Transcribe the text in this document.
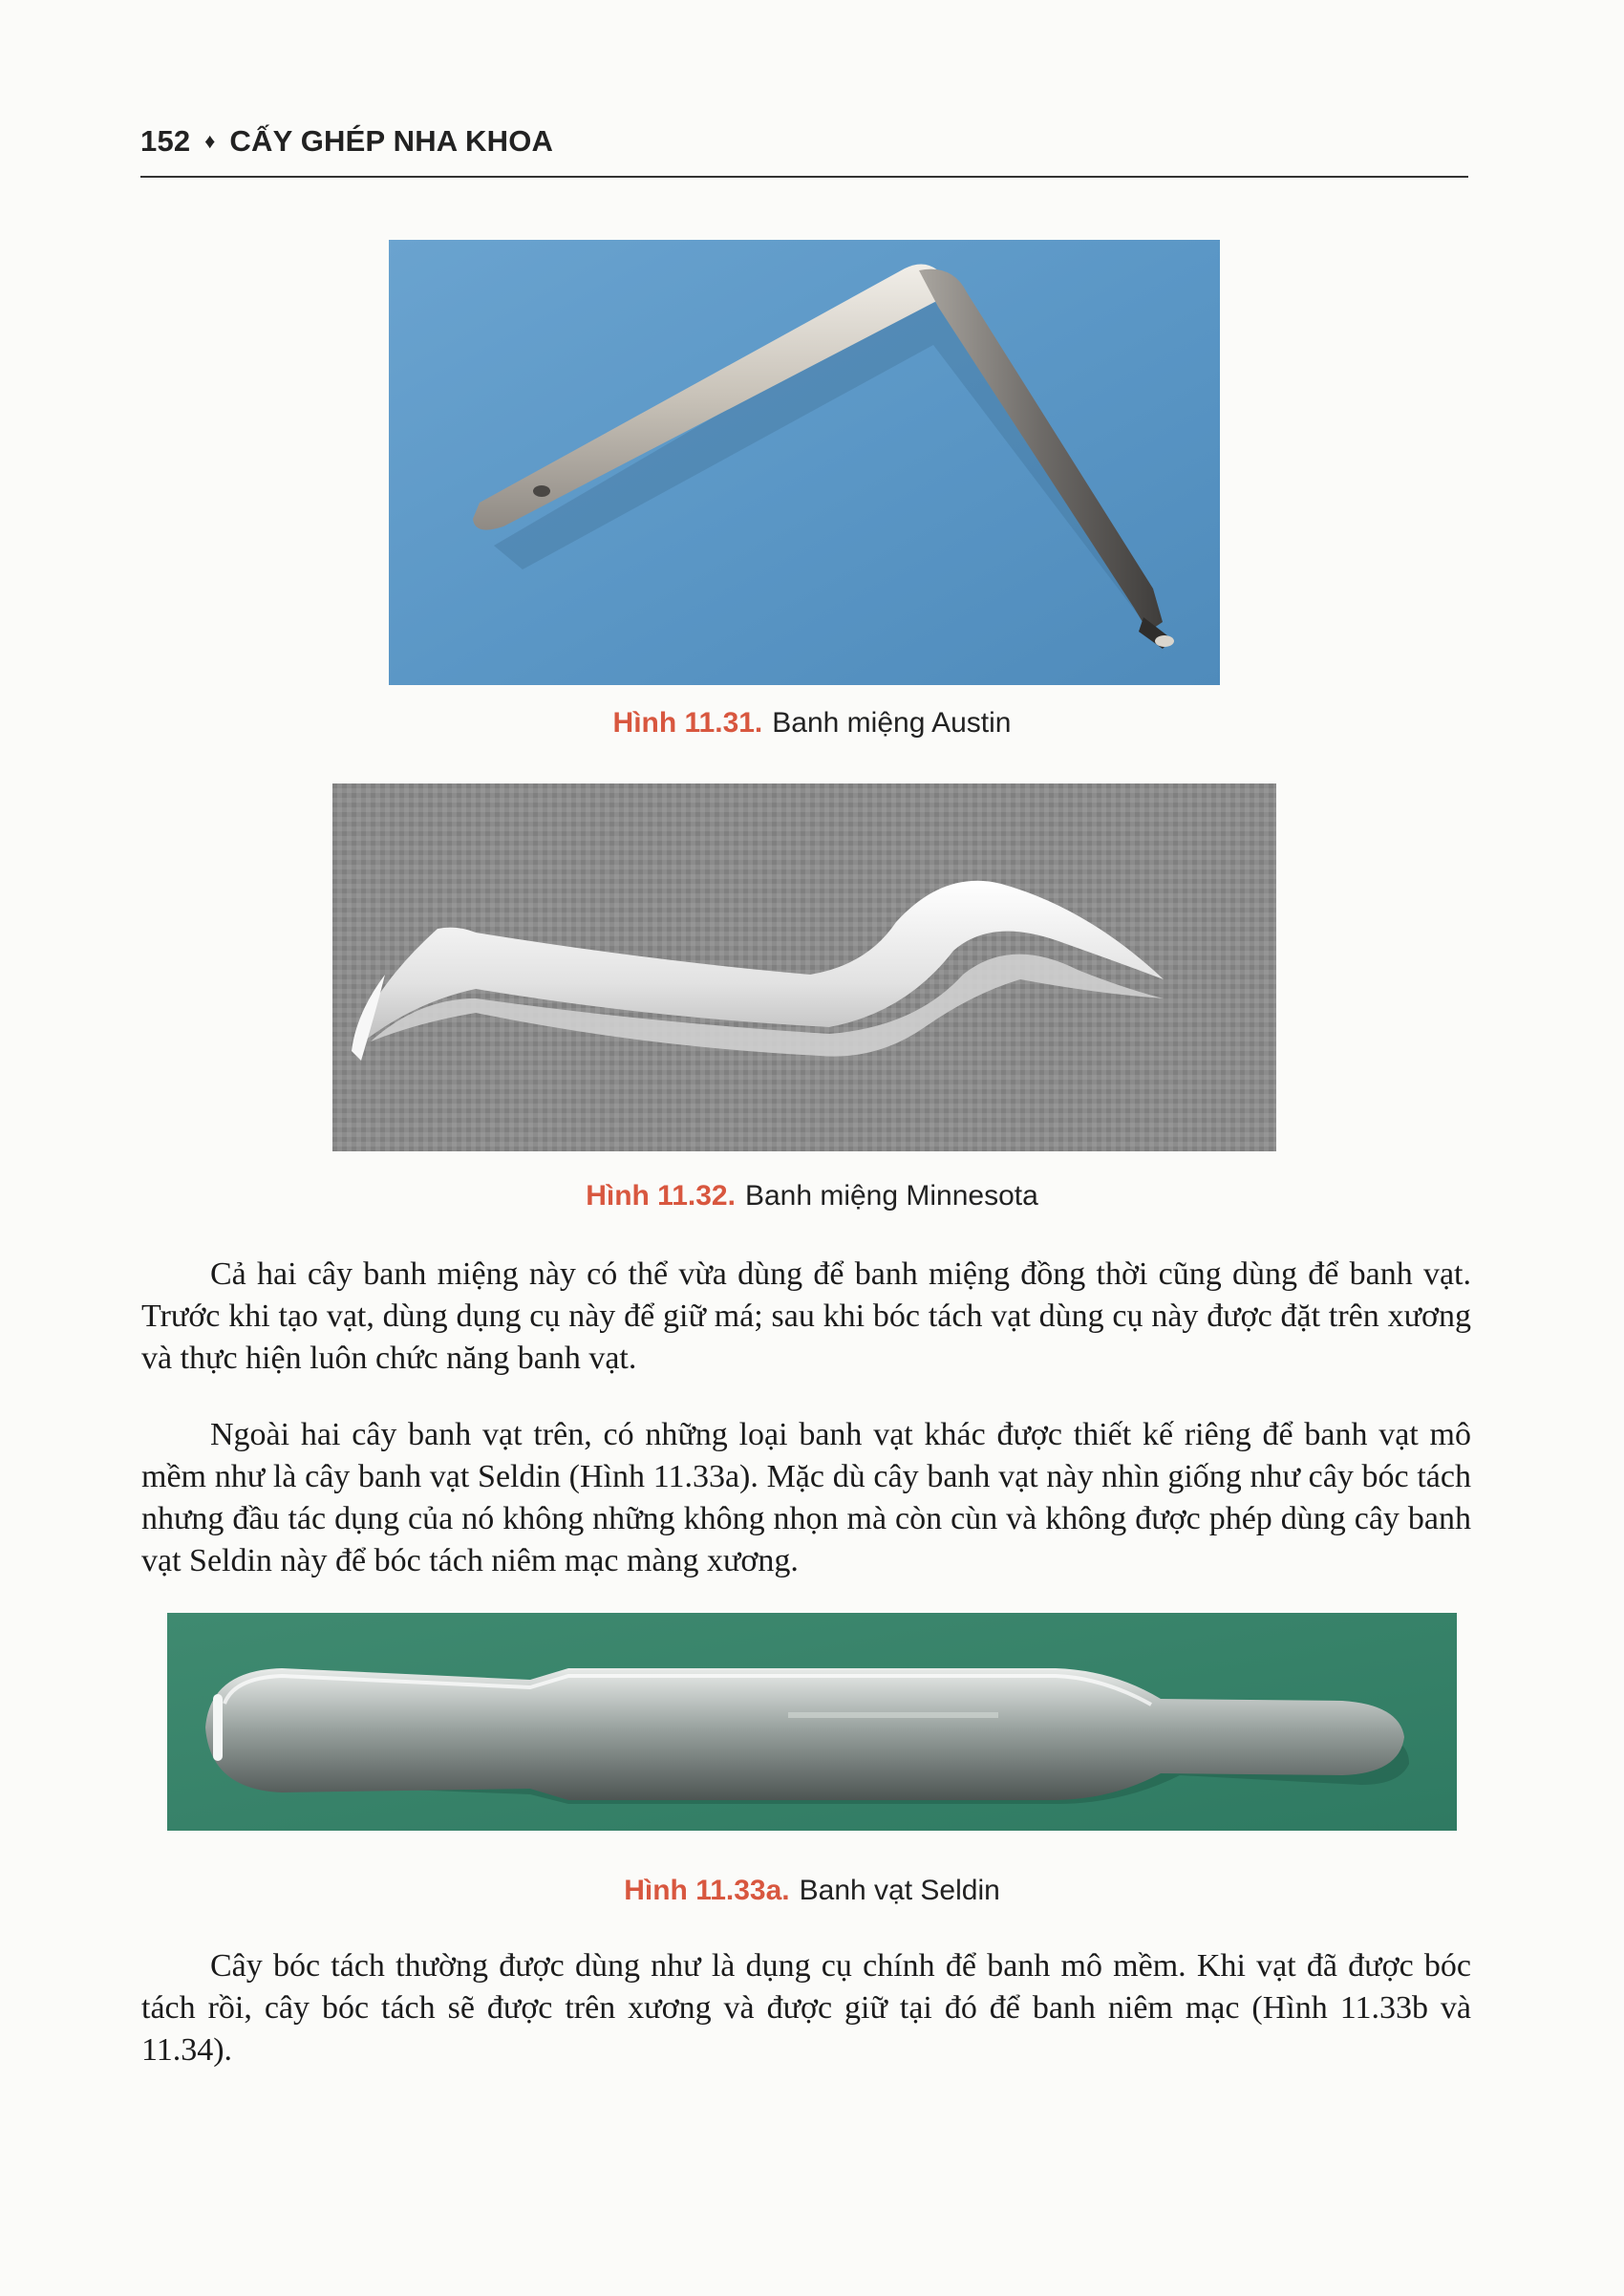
152 ♦ CẤY GHÉP NHA KHOA
Hình 11.31. Banh miệng Austin
Hình 11.32. Banh miệng Minnesota
Cả hai cây banh miệng này có thể vừa dùng để banh miệng đồng thời cũng dùng để banh vạt. Trước khi tạo vạt, dùng dụng cụ này để giữ má; sau khi bóc tách vạt dùng cụ này được đặt trên xương và thực hiện luôn chức năng banh vạt.
Ngoài hai cây banh vạt trên, có những loại banh vạt khác được thiết kế riêng để banh vạt mô mềm như là cây banh vạt Seldin (Hình 11.33a). Mặc dù cây banh vạt này nhìn giống như cây bóc tách nhưng đầu tác dụng của nó không những không nhọn mà còn cùn và không được phép dùng cây banh vạt Seldin này để bóc tách niêm mạc màng xương.
Hình 11.33a. Banh vạt Seldin
Cây bóc tách thường được dùng như là dụng cụ chính để banh mô mềm. Khi vạt đã được bóc tách rồi, cây bóc tách sẽ được trên xương và được giữ tại đó để banh niêm mạc (Hình 11.33b và 11.34).
